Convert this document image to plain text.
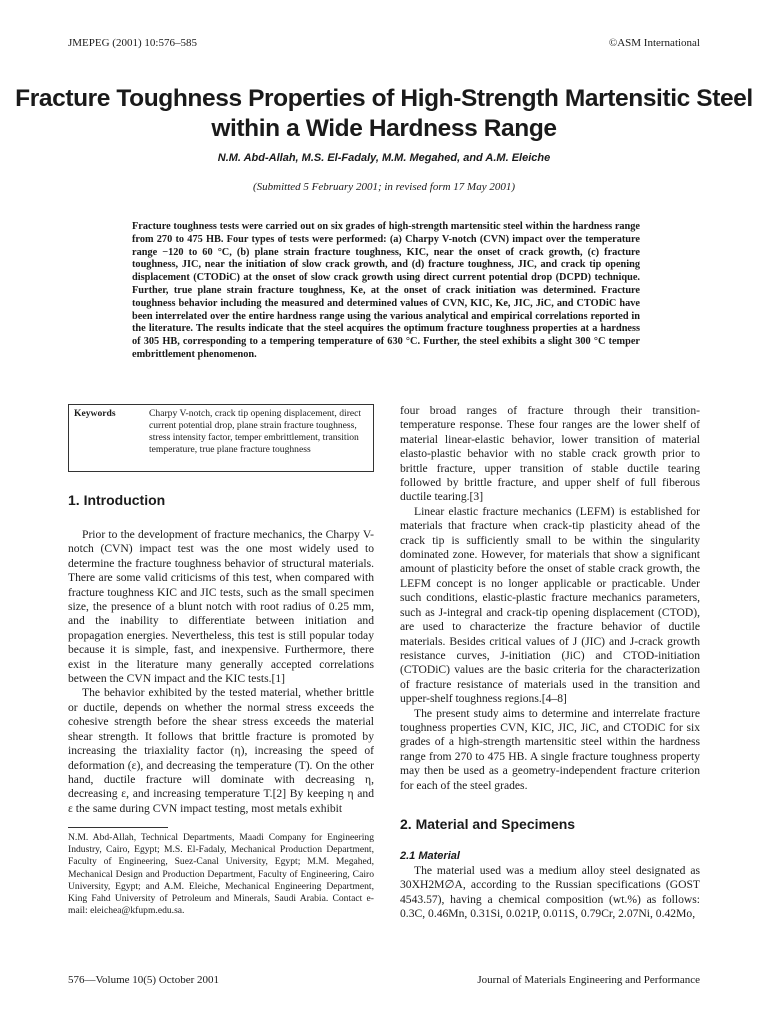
JMEPEG (2001) 10:576–585	©ASM International
Fracture Toughness Properties of High-Strength Martensitic Steel within a Wide Hardness Range
N.M. Abd-Allah, M.S. El-Fadaly, M.M. Megahed, and A.M. Eleiche
(Submitted 5 February 2001; in revised form 17 May 2001)

Fracture toughness tests were carried out on six grades of high-strength martensitic steel within the hardness range from 270 to 475 HB. Four types of tests were performed: (a) Charpy V-notch (CVN) impact over the temperature range −120 to 60 °C, (b) plane strain fracture toughness, KIC, near the onset of crack growth, (c) fracture toughness, JIC, near the initiation of slow crack growth, and (d) fracture toughness, JIC, and crack tip opening displacement (CTODiC) at the onset of slow crack growth using direct current potential drop (DCPD) technique. Further, true plane strain fracture toughness, Ke, at the onset of crack initiation was determined. Fracture toughness behavior including the measured and determined values of CVN, KIC, Ke, JIC, JiC, and CTODiC have been interrelated over the entire hardness range using the various analytical and empirical correlations reported in the literature. The results indicate that the steel acquires the optimum fracture toughness properties at a hardness of 305 HB, corresponding to a tempering temperature of 630 °C. Further, the steel exhibits a slight 300 °C temper embrittlement phenomenon.

Keywords	Charpy V-notch, crack tip opening displacement, direct current potential drop, plane strain fracture toughness, stress intensity factor, temper embrittlement, transition temperature, true plane fracture toughness
1. Introduction

Prior to the development of fracture mechanics, the Charpy V-notch (CVN) impact test was the one most widely used to determine the fracture toughness behavior of structural materials. There are some valid criticisms of this test, when compared with fracture toughness KIC and JIC tests, such as the small specimen size, the presence of a blunt notch with root radius of 0.25 mm, and the inability to differentiate between initiation and propagation energies. Nevertheless, this test is still popular today because it is simple, fast, and inexpensive. Furthermore, there exist in the literature many generally accepted correlations between the CVN impact and the KIC tests.[1]

The behavior exhibited by the tested material, whether brittle or ductile, depends on whether the normal stress exceeds the cohesive strength before the shear stress exceeds the material shear strength. It follows that brittle fracture is promoted by increasing the triaxiality factor (η), increasing the speed of deformation (ε), and decreasing the temperature (T). On the other hand, ductile fracture will dominate with decreasing η, decreasing ε, and increasing temperature T.[2] By keeping η and ε the same during CVN impact testing, most metals exhibit

N.M. Abd-Allah, Technical Departments, Maadi Company for Engineering Industry, Cairo, Egypt; M.S. El-Fadaly, Mechanical Production Department, Faculty of Engineering, Suez-Canal University, Egypt; M.M. Megahed, Mechanical Design and Production Department, Faculty of Engineering, Cairo University, Egypt; and A.M. Eleiche, Mechanical Engineering Department, King Fahd University of Petroleum and Minerals, Saudi Arabia. Contact e-mail: eleichea@kfupm.edu.sa.

four broad ranges of fracture through their transition-temperature response. These four ranges are the lower shelf of material linear-elastic behavior, lower transition of material elasto-plastic behavior with no stable crack growth prior to brittle fracture, upper transition of stable ductile tearing followed by brittle fracture, and upper shelf of full fiberous ductile tearing.[3]

Linear elastic fracture mechanics (LEFM) is established for materials that fracture when crack-tip plasticity ahead of the crack tip is sufficiently small to be within the singularity dominated zone. However, for materials that show a significant amount of plasticity before the onset of stable crack growth, the LEFM concept is no longer applicable or practicable. Under such conditions, elastic-plastic fracture mechanics parameters, such as J-integral and crack-tip opening displacement (CTOD), are used to characterize the fracture behavior of ductile materials. Besides critical values of J (JIC) and J-crack growth resistance curves, J-initiation (JiC) and CTOD-initiation (CTODiC) values are the basic criteria for the characterization of fracture resistance of materials used in the transition and upper-shelf toughness regions.[4–8]

The present study aims to determine and interrelate fracture toughness properties CVN, KIC, JIC, JiC, and CTODiC for six grades of a high-strength martensitic steel within the hardness range from 270 to 475 HB. A single fracture toughness property may then be used as a geometry-independent fracture criterion for each of the steel grades.

2. Material and Specimens
2.1 Material

The material used was a medium alloy steel designated as 30XH2M∅A, according to the Russian specifications (GOST 4543.57), having a chemical composition (wt.%) as follows: 0.3C, 0.46Mn, 0.31Si, 0.021P, 0.011S, 0.79Cr, 2.07Ni, 0.42Mo,

576—Volume 10(5) October 2001	Journal of Materials Engineering and Performance
